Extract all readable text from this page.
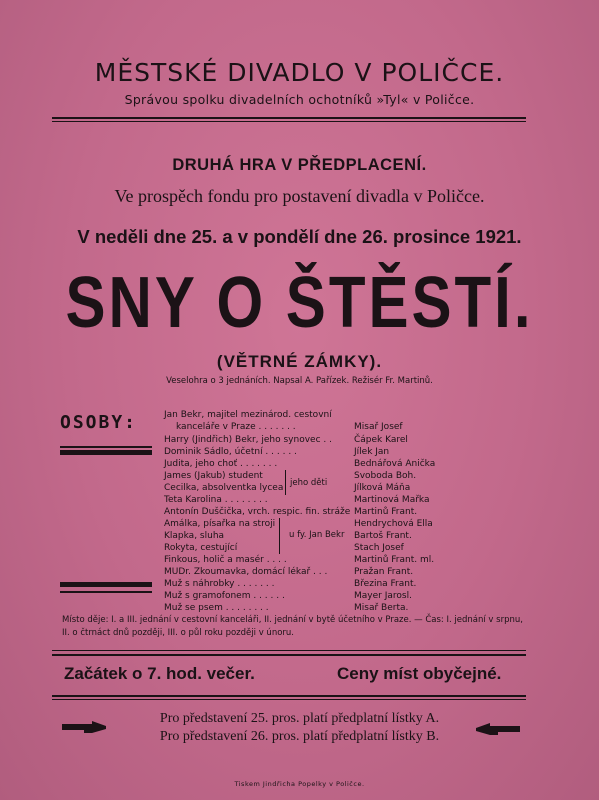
MĚSTSKÉ DIVADLO V POLIČCE.
Správou spolku divadelních ochotníků »Tyl« v Poličce.
DRUHÁ HRA V PŘEDPLACENÍ.
Ve prospěch fondu pro postavení divadla v Poličce.
V neděli dne 25. a v pondělí dne 26. prosince 1921.
SNY O ŠTĚSTÍ.
(VĚTRNÉ ZÁMKY).
Veselohra o 3 jednáních. Napsal A. Pařízek. Režisér Fr. Martinů.
OSOBY:	Jan Bekr, majitel mezinárod. cestovní
kanceláře v Praze . . . . . . .	Misař Josef
Harry (Jindřich) Bekr, jeho synovec . . Čápek Karel
Dominik Sádlo, účetní . . . . . .	Jílek Jan
Judita, jeho choť . . . . . . .	Bednářová Anička
James (Jakub) student	Svoboda Boh.
Cecilka, absolventka lycea	Jílková Máňa
Teta Karolina . . . . . . . .	Martinová Mařka
Antonín Duščička, vrch. respic. fin. stráže Martinů Frant.
Amálka, písařka na stroji	Hendrychová Ella
Klapka, sluha	Bartoš Frant.
Rokyta, cestující	Stach Josef
Finkous, holič a masér . . . .	Martinů Frant. ml.
MUDr. Zkoumavka, domácí lékař . . .	Pražan Frant.
Muž s náhrobky . . . . . . .	Březina Frant.
Muž s gramofonem . . . . . .	Mayer Jarosl.
Muž se psem . . . . . . . .	Misař Berta.
jeho děti
u fy. Jan Bekr
Místo děje: I. a III. jednání v cestovní kanceláři, II. jednání v bytě účetního v Praze. — Čas: I. jednání v srpnu, II. o čtrnáct dnů později, III. o půl roku později v únoru.
Začátek o 7. hod. večer.	Ceny míst obyčejné.
Pro představení 25. pros. platí předplatní lístky A.
Pro představení 26. pros. platí předplatní lístky B.
Tiskem Jindřicha Popelky v Poličce.
